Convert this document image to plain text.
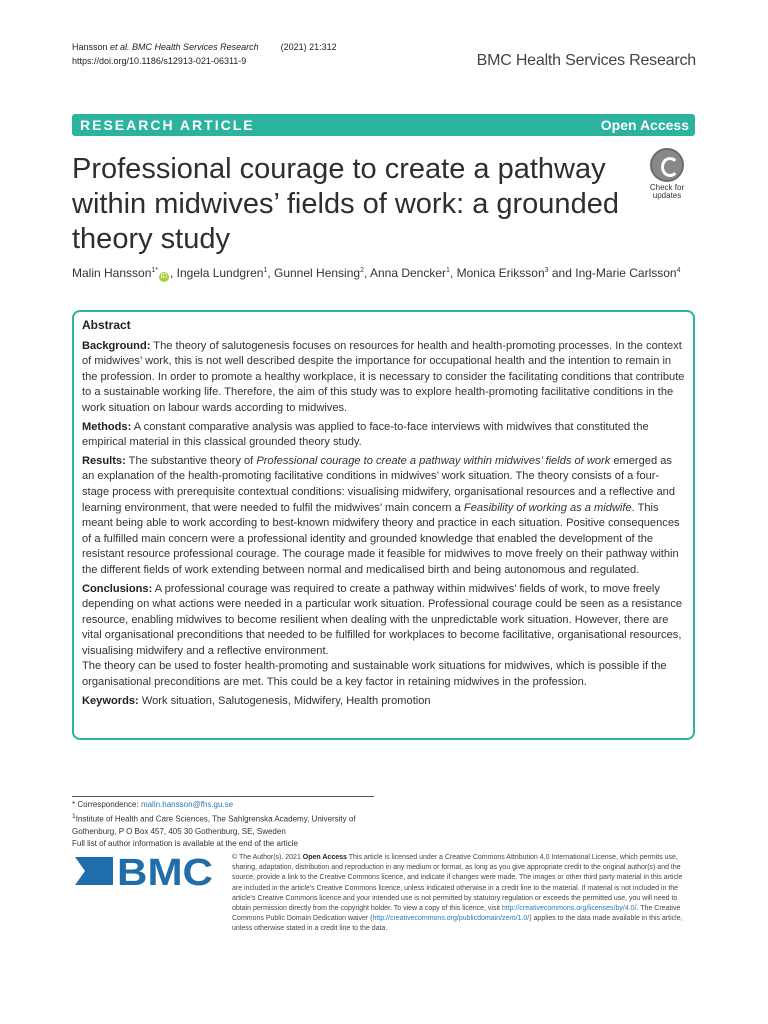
Hansson et al. BMC Health Services Research (2021) 21:312
https://doi.org/10.1186/s12913-021-06311-9	BMC Health Services Research
RESEARCH ARTICLE	Open Access
Professional courage to create a pathway within midwives’ fields of work: a grounded theory study
Check for
updates
Malin Hansson$^{1*}$iD , Ingela Lundgren$^1$, Gunnel Hensing$^2$, Anna Dencker$^1$, Monica Eriksson$^3$ and Ing-Marie Carlsson$^4$
Abstract

Background: The theory of salutogenesis focuses on resources for health and health-promoting processes. In the context of midwives’ work, this is not well described despite the importance for occupational health and the intention to remain in the profession. In order to promote a healthy workplace, it is necessary to consider the facilitating conditions that contribute to a sustainable working life. Therefore, the aim of this study was to explore health-promoting facilitative conditions in the work situation on labour wards according to midwives.

Methods: A constant comparative analysis was applied to face-to-face interviews with midwives that constituted the empirical material in this classical grounded theory study.

Results: The substantive theory of Professional courage to create a pathway within midwives’ fields of work emerged as an explanation of the health-promoting facilitative conditions in midwives’ work situation. The theory consists of a four-stage process with prerequisite contextual conditions: visualising midwifery, organisational resources and a reflective and learning environment, that were needed to fulfil the midwives’ main concern a Feasibility of working as a midwife. This meant being able to work according to best-known midwifery theory and practice in each situation. Positive consequences of a fulfilled main concern were a professional identity and grounded knowledge that enabled the development of the resistant resource professional courage. The courage made it feasible for midwives to move freely on their pathway within the different fields of work extending between normal and medicalised birth and being autonomous and regulated.

Conclusions: A professional courage was required to create a pathway within midwives’ fields of work, to move freely depending on what actions were needed in a particular work situation. Professional courage could be seen as a resistance resource, enabling midwives to become resilient when dealing with the unpredictable work situation. However, there are vital organisational preconditions that needed to be fulfilled for workplaces to become facilitative, organisational resources, visualising midwifery and a reflective environment.

The theory can be used to foster health-promoting and sustainable work situations for midwives, which is possible if the organisational preconditions are met. This could be a key factor in retaining midwives in the profession.

Keywords: Work situation, Salutogenesis, Midwifery, Health promotion

* Correspondence: malin.hansson@fhs.gu.se
$^1$Institute of Health and Care Sciences, The Sahlgrenska Academy, University of Gothenburg, P O Box 457, 405 30 Gothenburg, SE, Sweden
Full list of author information is available at the end of the article
BMC	© The Author(s). 2021 Open Access This article is licensed under a Creative Commons Attribution 4.0 International License, which permits use, sharing, adaptation, distribution and reproduction in any medium or format, as long as you give appropriate credit to the original author(s) and the source, provide a link to the Creative Commons licence, and indicate if changes were made. The images or other third party material in this article are included in the article's Creative Commons licence, unless indicated otherwise in a credit line to the material. If material is not included in the article's Creative Commons licence and your intended use is not permitted by statutory regulation or exceeds the permitted use, you will need to obtain permission directly from the copyright holder. To view a copy of this licence, visit http://creativecommons.org/licenses/by/4.0/. The Creative Commons Public Domain Dedication waiver (http://creativecommons.org/publicdomain/zero/1.0/) applies to the data made available in this article, unless otherwise stated in a credit line to the data.
